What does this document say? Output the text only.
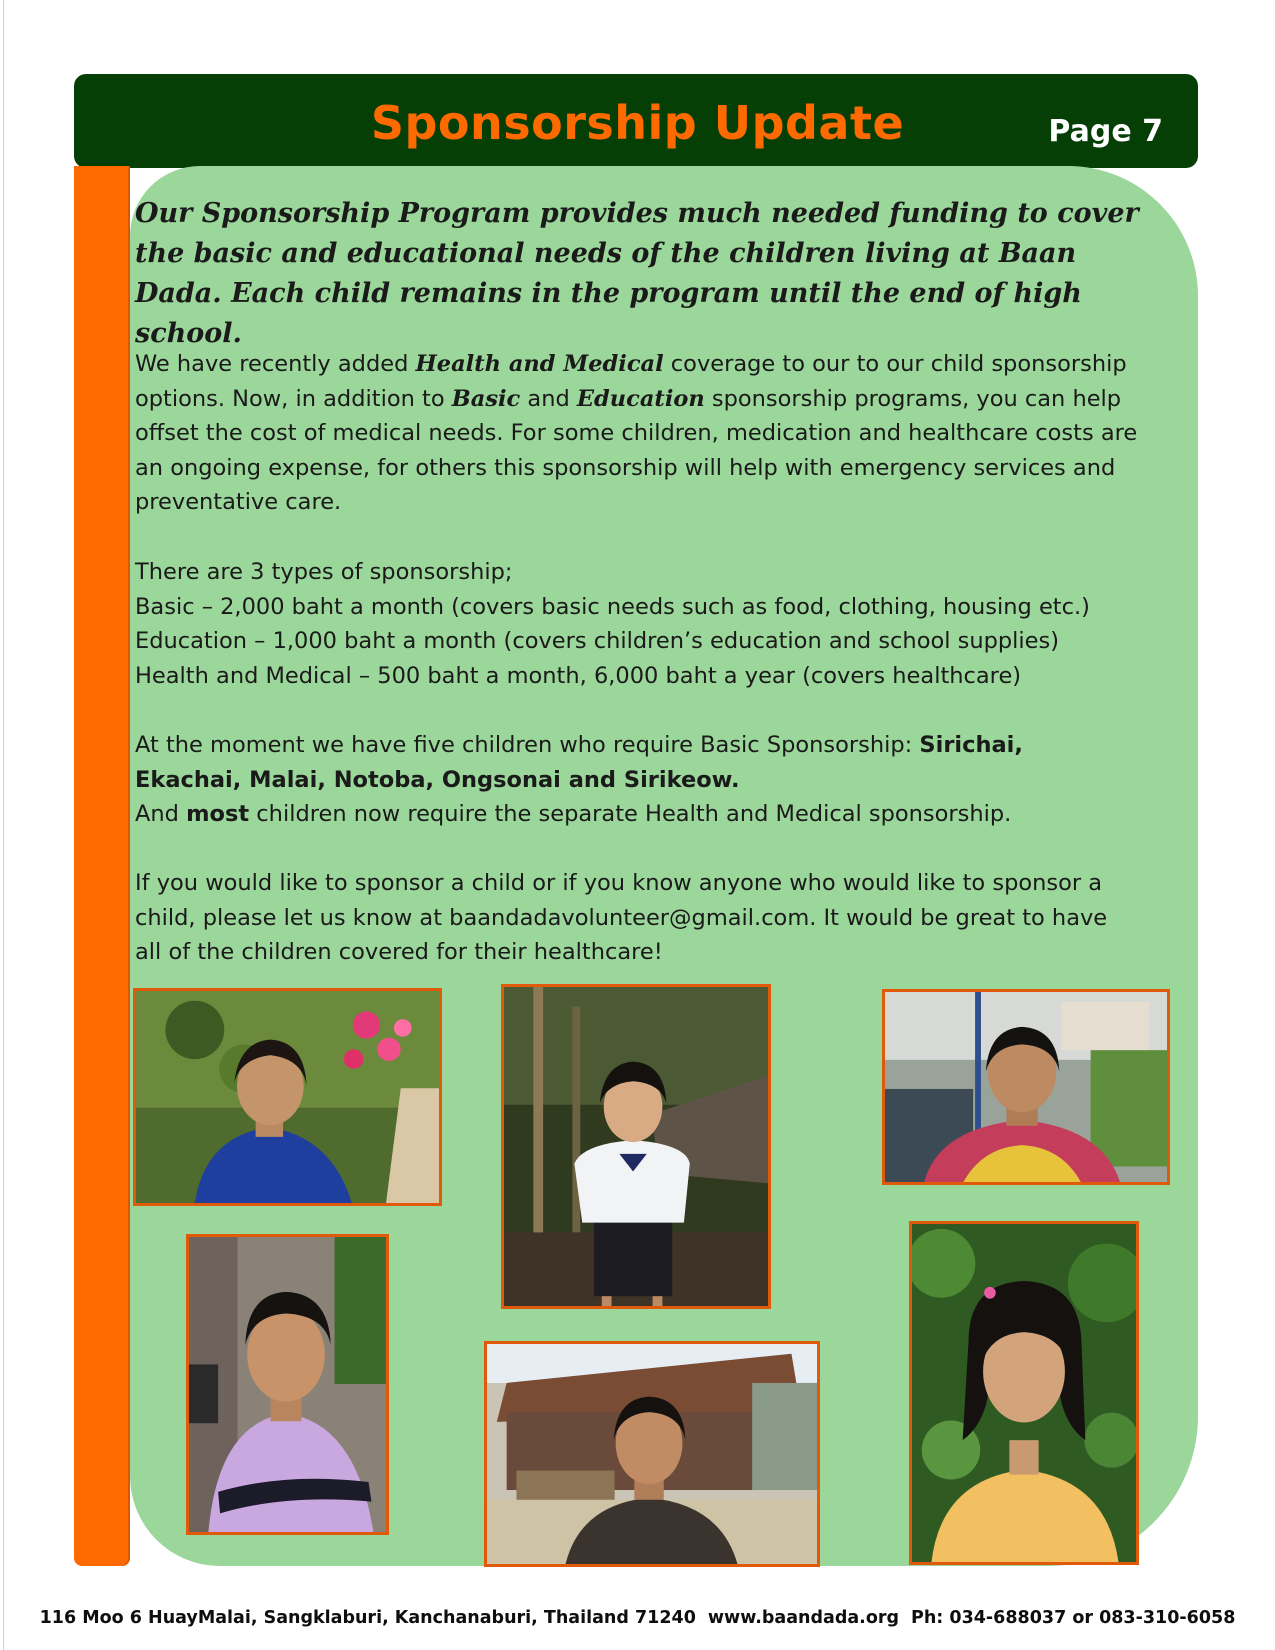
Sponsorship Update	Page 7

Our Sponsorship Program provides much needed funding to cover the basic and educational needs of the children living at Baan Dada. Each child remains in the program until the end of high school.

We have recently added Health and Medical coverage to our to our child sponsorship options. Now, in addition to Basic and Education sponsorship programs, you can help offset the cost of medical needs. For some children, medication and healthcare costs are an ongoing expense, for others this sponsorship will help with emergency services and preventative care.

There are 3 types of sponsorship;
Basic – 2,000 baht a month (covers basic needs such as food, clothing, housing etc.)
Education – 1,000 baht a month (covers children’s education and school supplies)
Health and Medical – 500 baht a month, 6,000 baht a year (covers healthcare)
At the moment we have five children who require Basic Sponsorship: Sirichai,
Ekachai, Malai, Notoba, Ongsonai and Sirikeow.
And most children now require the separate Health and Medical sponsorship.
If you would like to sponsor a child or if you know anyone who would like to sponsor a
child, please let us know at baandadavolunteer@gmail.com. It would be great to have
all of the children covered for their healthcare!
116 Moo 6 HuayMalai, Sangklaburi, Kanchanaburi, Thailand 71240 www.baandada.org Ph: 034-688037 or 083-310-6058
